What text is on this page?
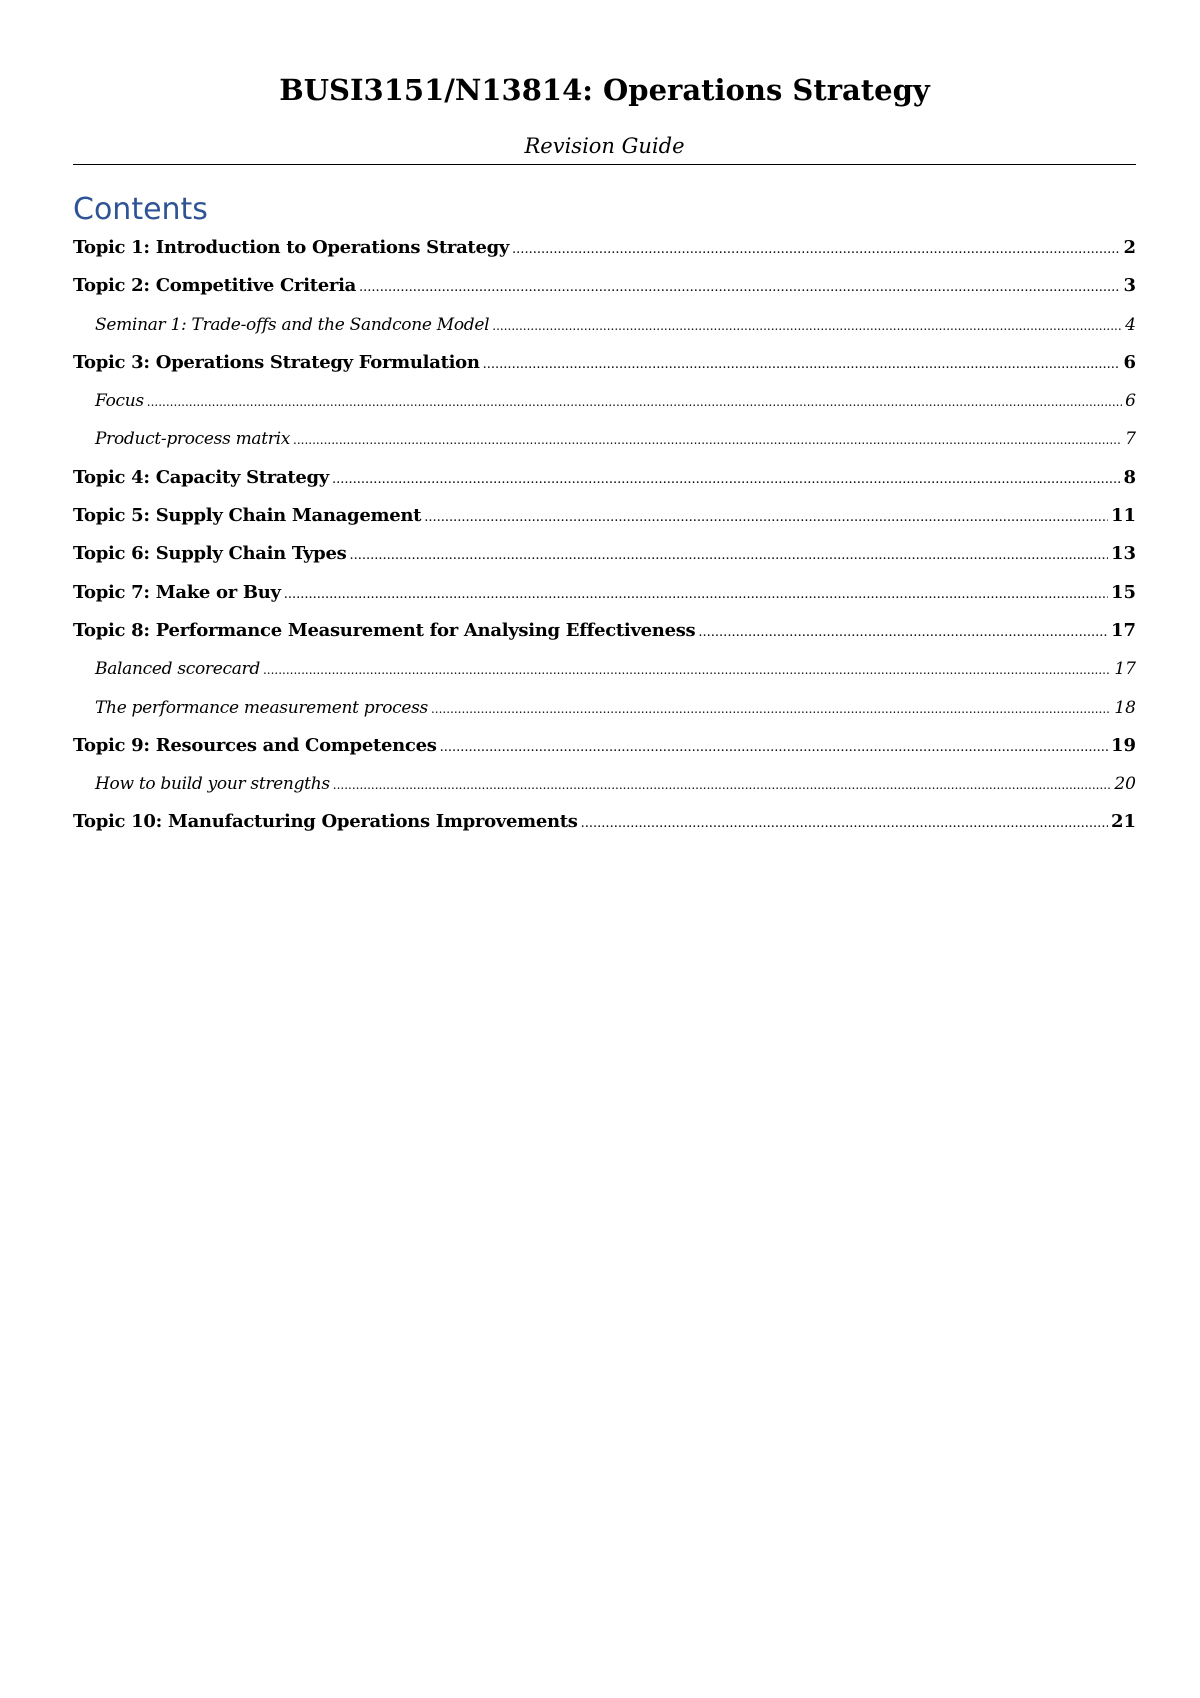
BUSI3151/N13814: Operations Strategy

Revision Guide

Contents
Topic 1: Introduction to Operations Strategy .....	2
Topic 2: Competitive Criteria .....	3
Seminar 1: Trade-offs and the Sandcone Model .....	4
Topic 3: Operations Strategy Formulation .....	6
Focus .....	6
Product-process matrix .....	7
Topic 4: Capacity Strategy .....	8
Topic 5: Supply Chain Management .....	11
Topic 6: Supply Chain Types .....	13
Topic 7: Make or Buy .....	15
Topic 8: Performance Measurement for Analysing Effectiveness .....	17
Balanced scorecard .....	17
The performance measurement process .....	18
Topic 9: Resources and Competences .....	19
How to build your strengths .....	20
Topic 10: Manufacturing Operations Improvements .....	21
